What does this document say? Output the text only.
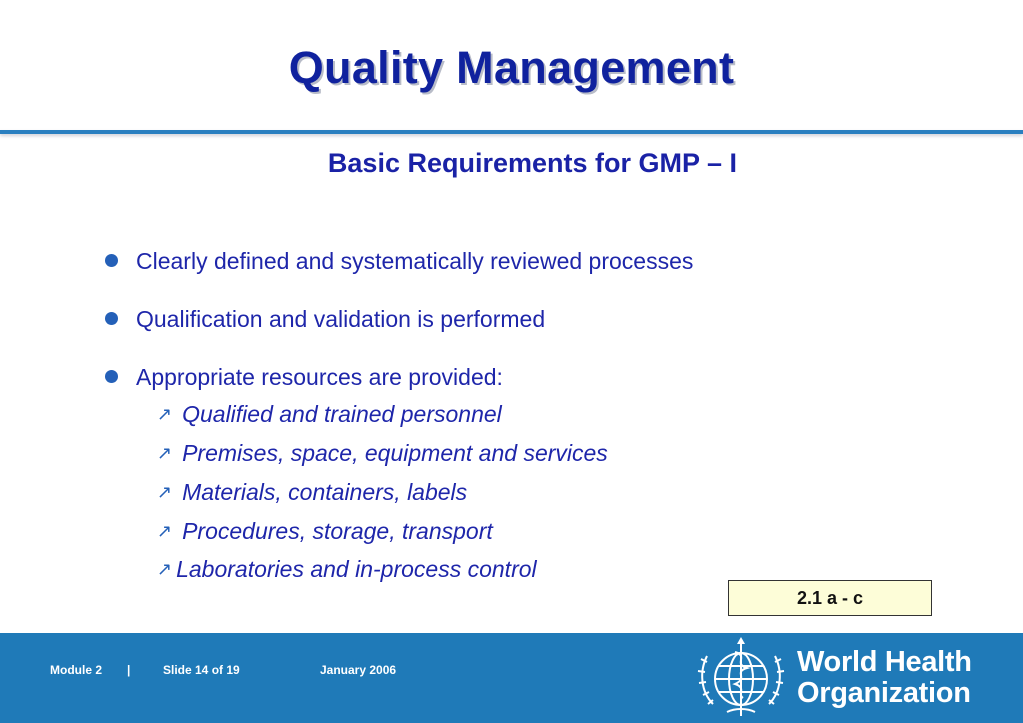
Quality Management
Basic Requirements for GMP – I
Clearly defined and systematically reviewed processes
Qualification and validation is performed
Appropriate resources are provided:
↗ Qualified and trained personnel
↗ Premises, space, equipment and services
↗ Materials, containers, labels
↗ Procedures, storage, transport
↗ Laboratories and in-process control
2.1 a - c
Module 2 |	Slide 14 of 19	January 2006	World Health
Organization
